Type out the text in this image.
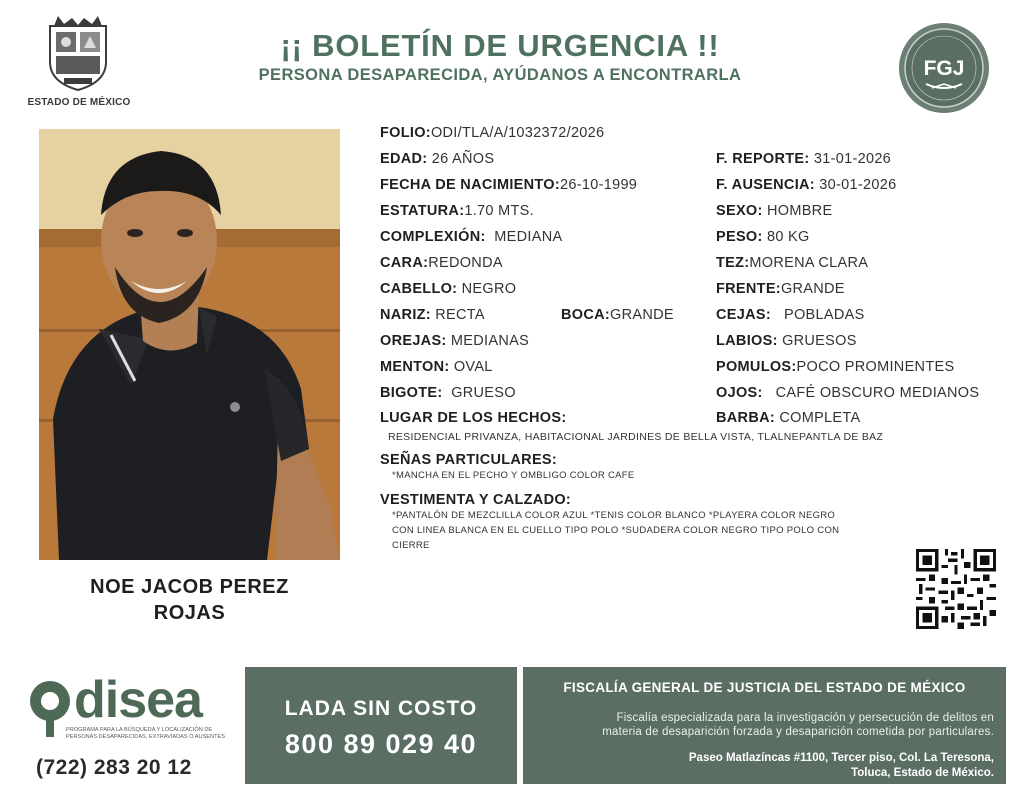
ESTADO DE MÉXICO
¡¡ BOLETÍN DE URGENCIA !!
PERSONA DESAPARECIDA, AYÚDANOS A ENCONTRARLA	FGJ
NOE JACOB PEREZ
ROJAS
FOLIO:ODI/TLA/A/1032372/2026
EDAD: 26 AÑOS
FECHA DE NACIMIENTO:26-10-1999
ESTATURA:1.70 MTS.
COMPLEXIÓN: MEDIANA
CARA:REDONDA
CABELLO: NEGRO
NARIZ: RECTA	BOCA:GRANDE
OREJAS: MEDIANAS
MENTON: OVAL
BIGOTE: GRUESO
F. REPORTE: 31-01-2026
F. AUSENCIA: 30-01-2026
SEXO: HOMBRE
PESO: 80 KG
TEZ:MORENA CLARA
FRENTE:GRANDE
CEJAS: POBLADAS
LABIOS: GRUESOS
POMULOS:POCO PROMINENTES
OJOS: CAFÉ OBSCURO MEDIANOS
BARBA: COMPLETA
LUGAR DE LOS HECHOS:
RESIDENCIAL PRIVANZA, HABITACIONAL JARDINES DE BELLA VISTA, TLALNEPANTLA DE BAZ
SEÑAS PARTICULARES:
*MANCHA EN EL PECHO Y OMBLIGO COLOR CAFE
VESTIMENTA Y CALZADO:
*PANTALÓN DE MEZCLILLA COLOR AZUL *TENIS COLOR BLANCO *PLAYERA COLOR NEGRO
CON LINEA BLANCA EN EL CUELLO TIPO POLO *SUDADERA COLOR NEGRO TIPO POLO CON
CIERRE
disea
PROGRAMA PARA LA BÚSQUEDA Y LOCALIZACIÓN DE PERSONAS DESAPARECIDAS, EXTRAVIADAS O AUSENTES
(722) 283 20 12
LADA SIN COSTO
800 89 029 40
FISCALÍA GENERAL DE JUSTICIA DEL ESTADO DE MÉXICO
Fiscalía especializada para la investigación y persecución de delitos en
materia de desaparición forzada y desaparición cometida por particulares.
Paseo Matlazíncas #1100, Tercer piso, Col. La Teresona,
Toluca, Estado de México.
